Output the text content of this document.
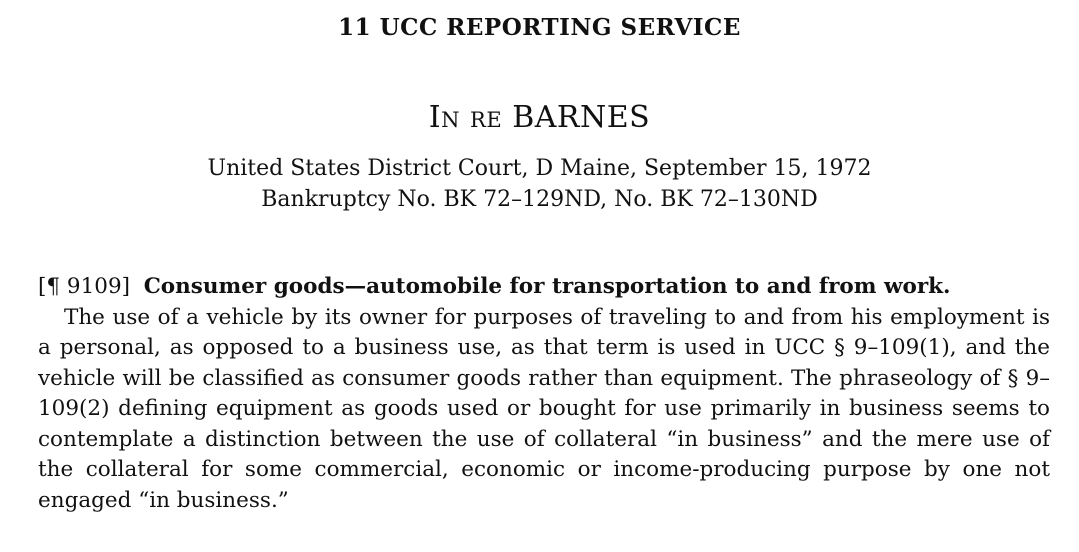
11 UCC REPORTING SERVICE
In re BARNES
United States District Court, D Maine, September 15, 1972
Bankruptcy No. BK 72–129ND, No. BK 72–130ND

[¶ 9109] Consumer goods—automobile for transportation to and from work.

The use of a vehicle by its owner for purposes of traveling to and from his employment is a personal, as opposed to a business use, as that term is used in UCC § 9–109(1), and the vehicle will be classified as consumer goods rather than equipment. The phraseology of § 9–109(2) defining equipment as goods used or bought for use primarily in business seems to contemplate a distinction between the use of collateral “in business” and the mere use of the collateral for some commercial, economic or income-producing purpose by one not engaged “in business.”
